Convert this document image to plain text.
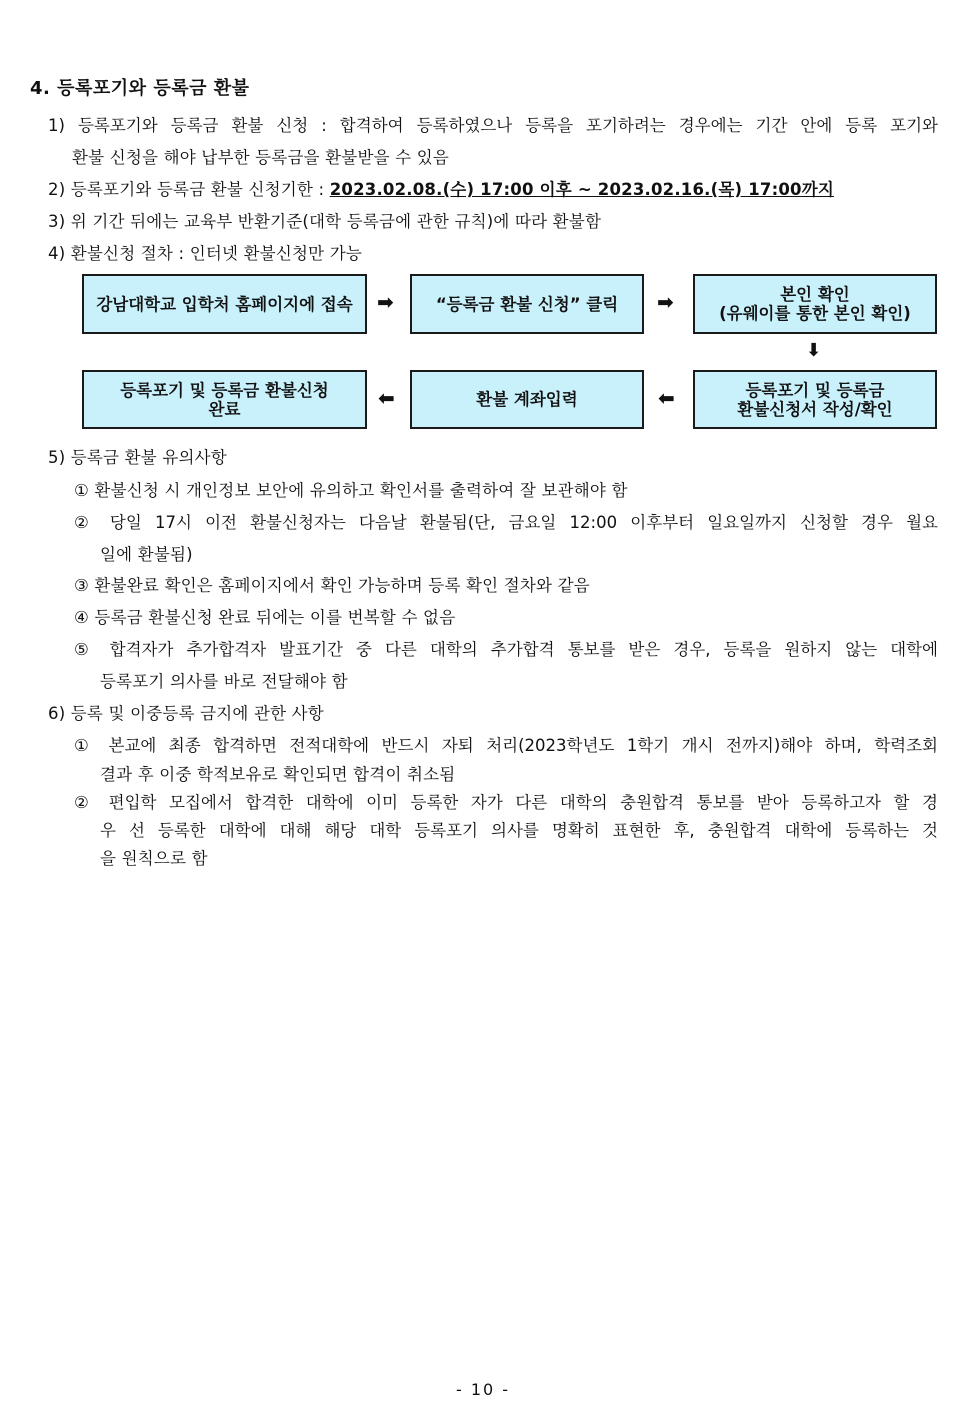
4. 등록포기와 등록금 환불
1) 등록포기와 등록금 환불 신청 : 합격하여 등록하였으나 등록을 포기하려는 경우에는 기간 안에 등록 포기와
환불 신청을 해야 납부한 등록금을 환불받을 수 있음
2) 등록포기와 등록금 환불 신청기한 : 2023.02.08.(수) 17:00 이후 ~ 2023.02.16.(목) 17:00까지
3) 위 기간 뒤에는 교육부 반환기준(대학 등록금에 관한 규칙)에 따라 환불함
4) 환불신청 절차 : 인터넷 환불신청만 가능
강남대학교 입학처 홈페이지에 접속 ➡	“등록금 환불 신청” 클릭 ➡	본인 확인
(유웨이를 통한 본인 확인)
⬇
등록포기 및 등록금 환불신청
완료	⬅	환불 계좌입력	⬅	등록포기 및 등록금
환불신청서 작성/확인
5) 등록금 환불 유의사항
① 환불신청 시 개인정보 보안에 유의하고 확인서를 출력하여 잘 보관해야 함
② 당일 17시 이전 환불신청자는 다음날 환불됨(단, 금요일 12:00 이후부터 일요일까지 신청할 경우 월요
일에 환불됨)
③ 환불완료 확인은 홈페이지에서 확인 가능하며 등록 확인 절차와 같음
④ 등록금 환불신청 완료 뒤에는 이를 번복할 수 없음
⑤ 합격자가 추가합격자 발표기간 중 다른 대학의 추가합격 통보를 받은 경우, 등록을 원하지 않는 대학에
등록포기 의사를 바로 전달해야 함
6) 등록 및 이중등록 금지에 관한 사항
① 본교에 최종 합격하면 전적대학에 반드시 자퇴 처리(2023학년도 1학기 개시 전까지)해야 하며, 학력조회
결과 후 이중 학적보유로 확인되면 합격이 취소됨
② 편입학 모집에서 합격한 대학에 이미 등록한 자가 다른 대학의 충원합격 통보를 받아 등록하고자 할 경
우 선 등록한 대학에 대해 해당 대학 등록포기 의사를 명확히 표현한 후, 충원합격 대학에 등록하는 것
을 원칙으로 함
- 10 -
